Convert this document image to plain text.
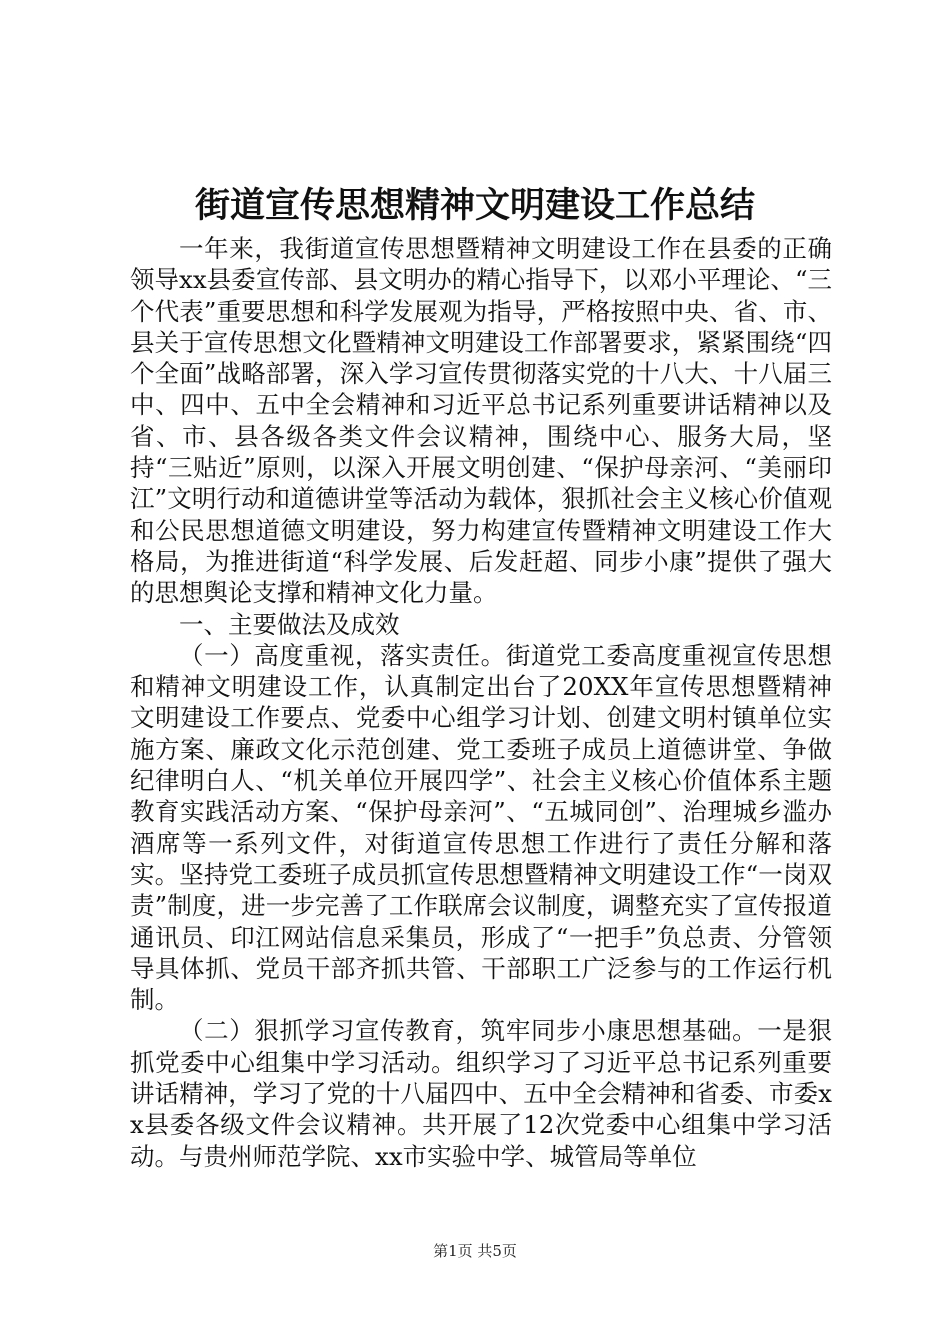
街道宣传思想精神文明建设工作总结

一年来，我街道宣传思想暨精神文明建设工作在县委的正确领导xx县委宣传部、县文明办的精心指导下，以邓小平理论、“三个代表”重要思想和科学发展观为指导，严格按照中央、省、市、县关于宣传思想文化暨精神文明建设工作部署要求，紧紧围绕“四个全面”战略部署，深入学习宣传贯彻落实党的十八大、十八届三中、四中、五中全会精神和习近平总书记系列重要讲话精神以及省、市、县各级各类文件会议精神，围绕中心、服务大局，坚持“三贴近”原则，以深入开展文明创建、“保护母亲河、“美丽印江”文明行动和道德讲堂等活动为载体，狠抓社会主义核心价值观和公民思想道德文明建设，努力构建宣传暨精神文明建设工作大格局，为推进街道“科学发展、后发赶超、同步小康”提供了强大的思想舆论支撑和精神文化力量。

一、主要做法及成效

（一）高度重视，落实责任。街道党工委高度重视宣传思想和精神文明建设工作，认真制定出台了20XX年宣传思想暨精神文明建设工作要点、党委中心组学习计划、创建文明村镇单位实施方案、廉政文化示范创建、党工委班子成员上道德讲堂、争做纪律明白人、“机关单位开展四学”、社会主义核心价值体系主题教育实践活动方案、“保护母亲河”、“五城同创”、治理城乡滥办酒席等一系列文件，对街道宣传思想工作进行了责任分解和落实。坚持党工委班子成员抓宣传思想暨精神文明建设工作“一岗双责”制度，进一步完善了工作联席会议制度，调整充实了宣传报道通讯员、印江网站信息采集员，形成了“一把手”负总责、分管领导具体抓、党员干部齐抓共管、干部职工广泛参与的工作运行机制。

（二）狠抓学习宣传教育，筑牢同步小康思想基础。一是狠抓党委中心组集中学习活动。组织学习了习近平总书记系列重要讲话精神，学习了党的十八届四中、五中全会精神和省委、市委xx县委各级文件会议精神。共开展了12次党委中心组集中学习活动。与贵州师范学院、xx市实验中学、城管局等单位

第1页 共5页
